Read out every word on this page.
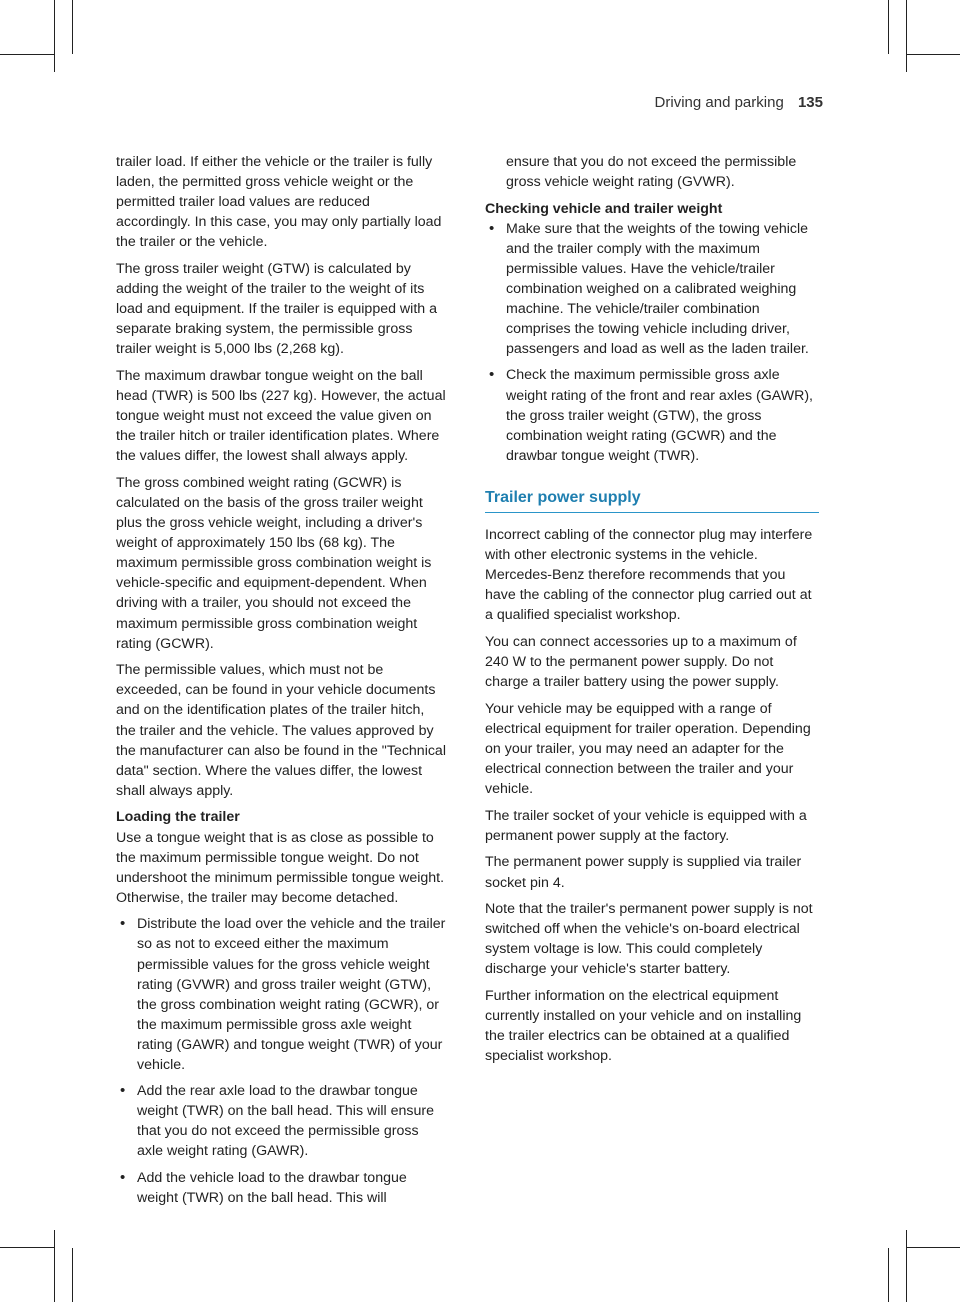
Driving and parking 135

trailer load. If either the vehicle or the trailer is fully laden, the permitted gross vehicle weight or the permitted trailer load values are reduced accordingly. In this case, you may only partially load the trailer or the vehicle.

The gross trailer weight (GTW) is calculated by adding the weight of the trailer to the weight of its load and equipment. If the trailer is equipped with a separate braking system, the permissible gross trailer weight is 5,000 lbs (2,268 kg).

The maximum drawbar tongue weight on the ball head (TWR) is 500 lbs (227 kg). However, the actual tongue weight must not exceed the value given on the trailer hitch or trailer identification plates. Where the values differ, the lowest shall always apply.

The gross combined weight rating (GCWR) is calculated on the basis of the gross trailer weight plus the gross vehicle weight, including a driver's weight of approximately 150 lbs (68 kg). The maximum permissible gross combination weight is vehicle-specific and equipment-dependent. When driving with a trailer, you should not exceed the maximum permissible gross combination weight rating (GCWR).

The permissible values, which must not be exceeded, can be found in your vehicle documents and on the identification plates of the trailer hitch, the trailer and the vehicle. The values approved by the manufacturer can also be found in the "Technical data" section. Where the values differ, the lowest shall always apply.

Loading the trailer

Use a tongue weight that is as close as possible to the maximum permissible tongue weight. Do not undershoot the minimum permissible tongue weight. Otherwise, the trailer may become detached.

• Distribute the load over the vehicle and the trailer so as not to exceed either the maximum permissible values for the gross vehicle weight rating (GVWR) and gross trailer weight (GTW), the gross combination weight rating (GCWR), or the maximum permissible gross axle weight rating (GAWR) and tongue weight (TWR) of your vehicle.
• Add the rear axle load to the drawbar tongue weight (TWR) on the ball head. This will ensure that you do not exceed the permissible gross axle weight rating (GAWR).
• Add the vehicle load to the drawbar tongue weight (TWR) on the ball head. This will

ensure that you do not exceed the permissible gross vehicle weight rating (GVWR).

Checking vehicle and trailer weight

• Make sure that the weights of the towing vehicle and the trailer comply with the maximum permissible values. Have the vehicle/trailer combination weighed on a calibrated weighing machine. The vehicle/trailer combination comprises the towing vehicle including driver, passengers and load as well as the laden trailer.
• Check the maximum permissible gross axle weight rating of the front and rear axles (GAWR), the gross trailer weight (GTW), the gross combination weight rating (GCWR) and the drawbar tongue weight (TWR).
Trailer power supply

Incorrect cabling of the connector plug may interfere with other electronic systems in the vehicle. Mercedes-Benz therefore recommends that you have the cabling of the connector plug carried out at a qualified specialist workshop.

You can connect accessories up to a maximum of 240 W to the permanent power supply. Do not charge a trailer battery using the power supply.

Your vehicle may be equipped with a range of electrical equipment for trailer operation. Depending on your trailer, you may need an adapter for the electrical connection between the trailer and your vehicle.

The trailer socket of your vehicle is equipped with a permanent power supply at the factory.

The permanent power supply is supplied via trailer socket pin 4.

Note that the trailer's permanent power supply is not switched off when the vehicle's on-board electrical system voltage is low. This could completely discharge your vehicle's starter battery.

Further information on the electrical equipment currently installed on your vehicle and on installing the trailer electrics can be obtained at a qualified specialist workshop.
